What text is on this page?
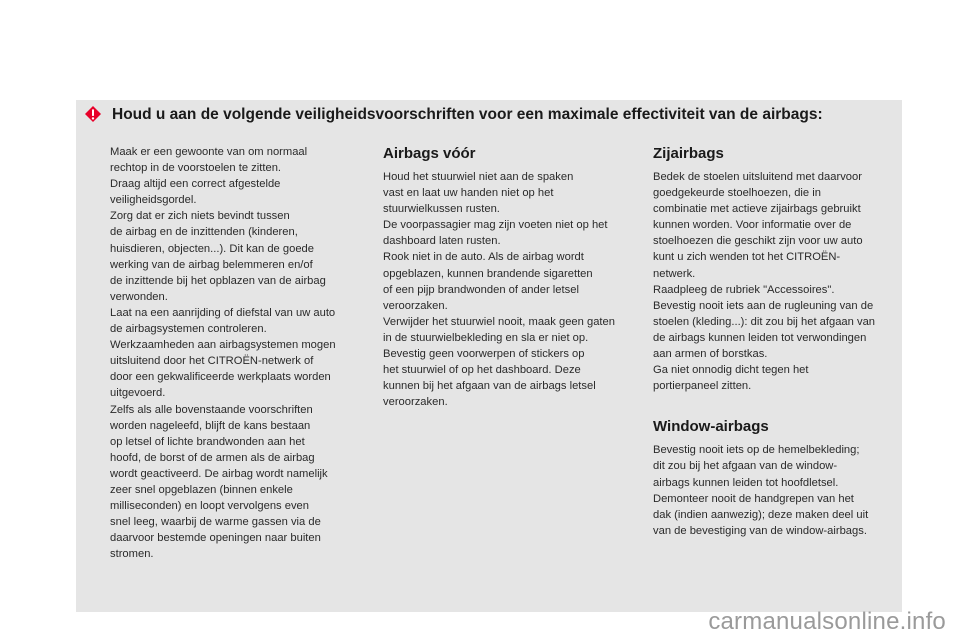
Houd u aan de volgende veiligheidsvoorschriften voor een maximale effectiviteit van de airbags:

Maak er een gewoonte van om normaal
rechtop in de voorstoelen te zitten.
Draag altijd een correct afgestelde
veiligheidsgordel.
Zorg dat er zich niets bevindt tussen
de airbag en de inzittenden (kinderen,
huisdieren, objecten...). Dit kan de goede
werking van de airbag belemmeren en/of
de inzittende bij het opblazen van de airbag
verwonden.
Laat na een aanrijding of diefstal van uw auto
de airbagsystemen controleren.
Werkzaamheden aan airbagsystemen mogen
uitsluitend door het CITROËN-netwerk of
door een gekwalificeerde werkplaats worden
uitgevoerd.
Zelfs als alle bovenstaande voorschriften
worden nageleefd, blijft de kans bestaan
op letsel of lichte brandwonden aan het
hoofd, de borst of de armen als de airbag
wordt geactiveerd. De airbag wordt namelijk
zeer snel opgeblazen (binnen enkele
milliseconden) en loopt vervolgens even
snel leeg, waarbij de warme gassen via de
daarvoor bestemde openingen naar buiten
stromen.

Airbags vóór

Houd het stuurwiel niet aan de spaken
vast en laat uw handen niet op het
stuurwielkussen rusten.
De voorpassagier mag zijn voeten niet op het
dashboard laten rusten.
Rook niet in de auto. Als de airbag wordt
opgeblazen, kunnen brandende sigaretten
of een pijp brandwonden of ander letsel
veroorzaken.
Verwijder het stuurwiel nooit, maak geen gaten
in de stuurwielbekleding en sla er niet op.
Bevestig geen voorwerpen of stickers op
het stuurwiel of op het dashboard. Deze
kunnen bij het afgaan van de airbags letsel
veroorzaken.

Zijairbags

Bedek de stoelen uitsluitend met daarvoor
goedgekeurde stoelhoezen, die in
combinatie met actieve zijairbags gebruikt
kunnen worden. Voor informatie over de
stoelhoezen die geschikt zijn voor uw auto
kunt u zich wenden tot het CITROËN-
netwerk.
Raadpleeg de rubriek "Accessoires".
Bevestig nooit iets aan de rugleuning van de
stoelen (kleding...): dit zou bij het afgaan van
de airbags kunnen leiden tot verwondingen
aan armen of borstkas.
Ga niet onnodig dicht tegen het
portierpaneel zitten.

Window-airbags

Bevestig nooit iets op de hemelbekleding;
dit zou bij het afgaan van de window-
airbags kunnen leiden tot hoofdletsel.
Demonteer nooit de handgrepen van het
dak (indien aanwezig); deze maken deel uit
van de bevestiging van de window-airbags.

carmanualsonline.info
